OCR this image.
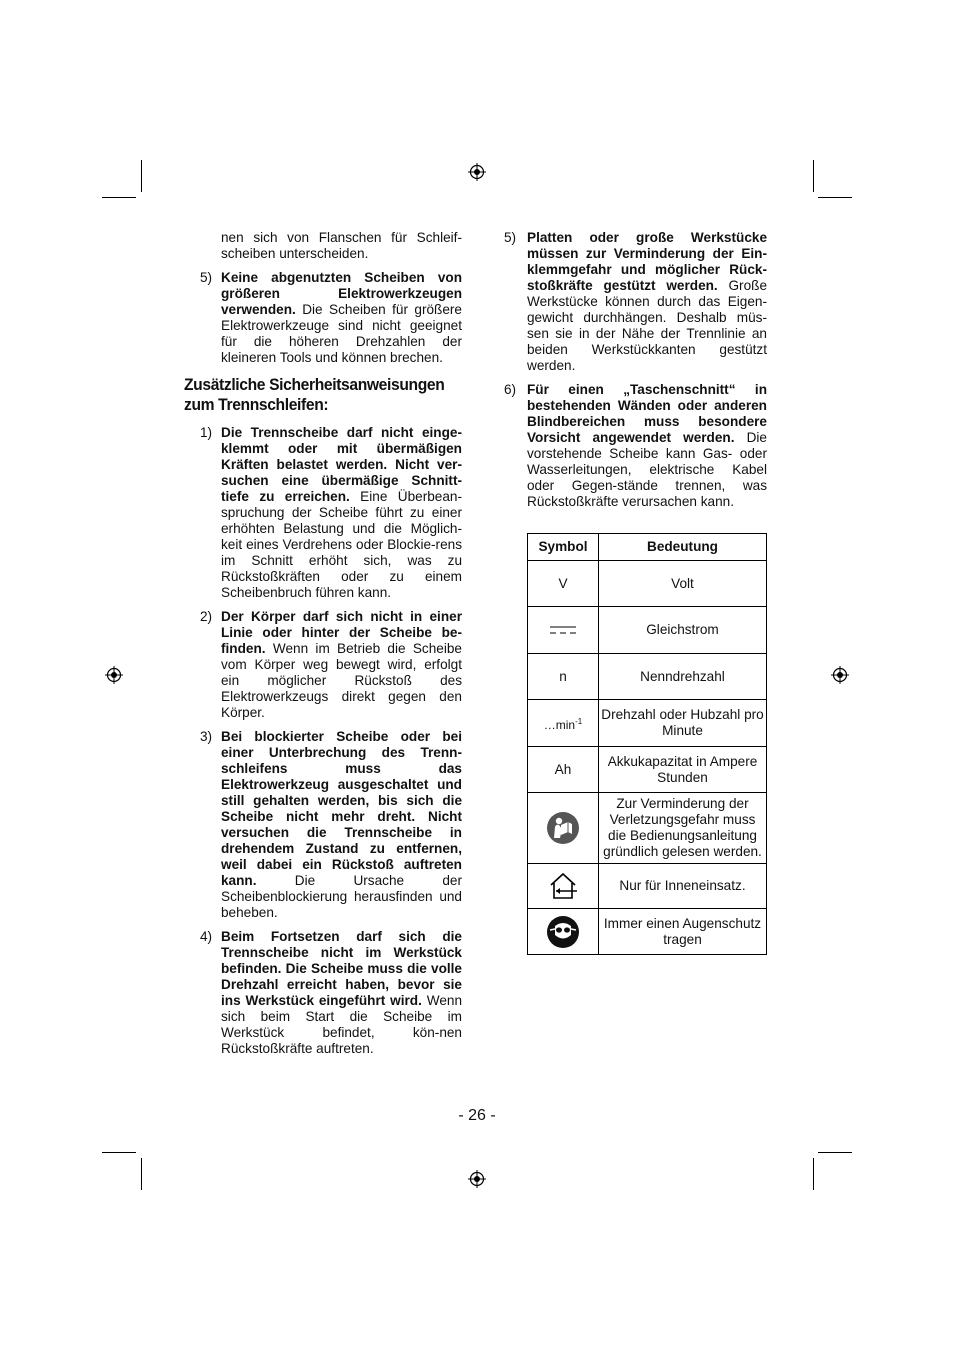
nen sich von Flanschen für Schleif-scheiben unterscheiden.

5) Keine abgenutzten Scheiben von größeren Elektrowerkzeugen verwenden. Die Scheiben für größere Elektrowerkzeuge sind nicht geeignet für die höheren Drehzahlen der kleineren Tools und können brechen.
Zusätzliche Sicherheitsanweisungen
zum Trennschleifen:
1) Die Trennscheibe darf nicht einge-klemmt oder mit übermäßigen Kräften belastet werden. Nicht ver-suchen eine übermäßige Schnitt-tiefe zu erreichen. Eine Überbean-spruchung der Scheibe führt zu einer erhöhten Belastung und die Möglich-keit eines Verdrehens oder Blockie-rens im Schnitt erhöht sich, was zu Rückstoßkräften oder zu einem Scheibenbruch führen kann.
2) Der Körper darf sich nicht in einer Linie oder hinter der Scheibe be-finden. Wenn im Betrieb die Scheibe vom Körper weg bewegt wird, erfolgt ein möglicher Rückstoß des Elektrowerkzeugs direkt gegen den Körper.
3) Bei blockierter Scheibe oder bei einer Unterbrechung des Trenn-schleifens muss das Elektrowerkzeug ausgeschaltet und still gehalten werden, bis sich die Scheibe nicht mehr dreht. Nicht versuchen die Trennscheibe in drehendem Zustand zu entfernen, weil dabei ein Rückstoß auftreten kann. Die Ursache der Scheibenblockierung herausfinden und beheben.
4) Beim Fortsetzen darf sich die Trennscheibe nicht im Werkstück befinden. Die Scheibe muss die volle Drehzahl erreicht haben, bevor sie ins Werkstück eingeführt wird. Wenn sich beim Start die Scheibe im Werkstück befindet, kön-nen Rückstoßkräfte auftreten.
5) Platten oder große Werkstücke müssen zur Verminderung der Ein-klemmgefahr und möglicher Rück-stoßkräfte gestützt werden. Große Werkstücke können durch das Eigen-gewicht durchhängen. Deshalb müs-sen sie in der Nähe der Trennlinie an beiden Werkstückkanten gestützt werden.
6) Für einen „Taschenschnitt“ in bestehenden Wänden oder anderen Blindbereichen muss besondere Vorsicht angewendet werden. Die vorstehende Scheibe kann Gas- oder Wasserleitungen, elektrische Kabel oder Gegen-stände trennen, was Rückstoßkräfte verursachen kann.
Symbol	Bedeutung
V	Volt
	Gleichstrom
n	Nenndrehzahl
$\dots\min^{-1}$	Drehzahl oder Hubzahl pro Minute
Ah	Akkukapazitat in Ampere Stunden
	Zur Verminderung der Verletzungsgefahr muss die Bedienungsanleitung gründlich gelesen werden.
	Nur für Inneneinsatz.
	Immer einen Augenschutz tragen
- 26 -
